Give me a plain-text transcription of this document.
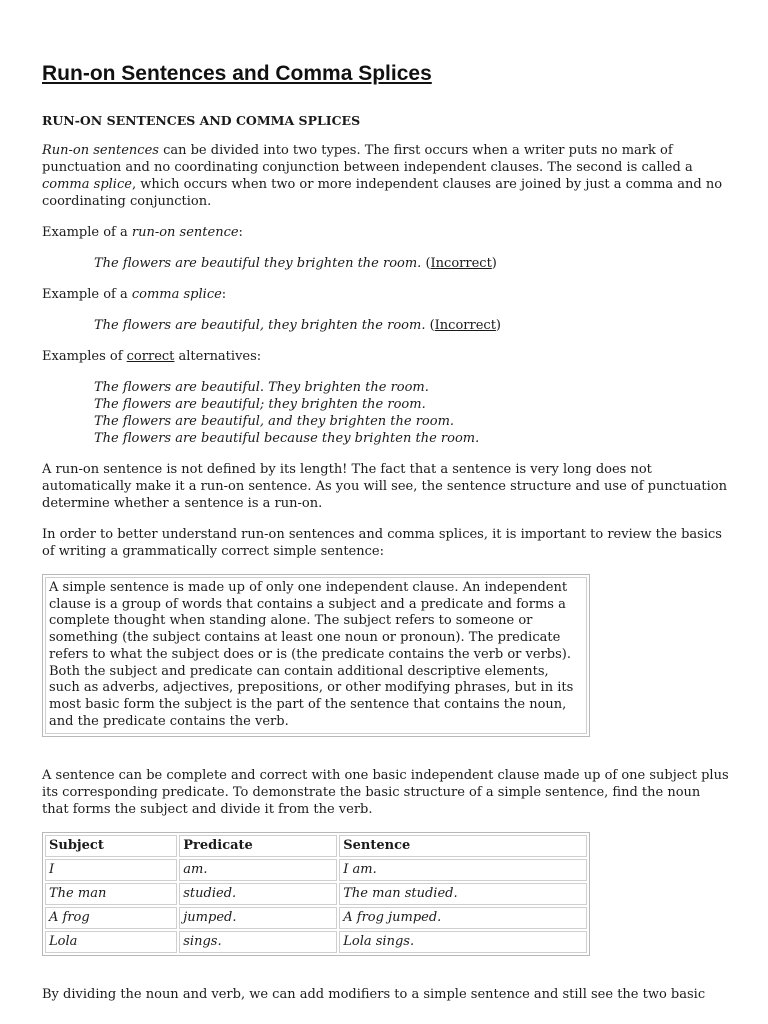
Run-on Sentences and Comma Splices
RUN-ON SENTENCES AND COMMA SPLICES

Run-on sentences can be divided into two types. The first occurs when a writer puts no mark of punctuation and no coordinating conjunction between independent clauses. The second is called a comma splice, which occurs when two or more independent clauses are joined by just a comma and no coordinating conjunction.

Example of a run-on sentence:

The flowers are beautiful they brighten the room. (Incorrect)

Example of a comma splice:

The flowers are beautiful, they brighten the room. (Incorrect)

Examples of correct alternatives:

The flowers are beautiful. They brighten the room.
The flowers are beautiful; they brighten the room.
The flowers are beautiful, and they brighten the room.
The flowers are beautiful because they brighten the room.

A run-on sentence is not defined by its length! The fact that a sentence is very long does not automatically make it a run-on sentence. As you will see, the sentence structure and use of punctuation determine whether a sentence is a run-on.

In order to better understand run-on sentences and comma splices, it is important to review the basics of writing a grammatically correct simple sentence:

A simple sentence is made up of only one independent clause. An independent clause is a group of words that contains a subject and a predicate and forms a complete thought when standing alone. The subject refers to someone or something (the subject contains at least one noun or pronoun). The predicate refers to what the subject does or is (the predicate contains the verb or verbs). Both the subject and predicate can contain additional descriptive elements, such as adverbs, adjectives, prepositions, or other modifying phrases, but in its most basic form the subject is the part of the sentence that contains the noun, and the predicate contains the verb.

A sentence can be complete and correct with one basic independent clause made up of one subject plus its corresponding predicate. To demonstrate the basic structure of a simple sentence, find the noun that forms the subject and divide it from the verb.

Subject	Predicate	Sentence
I	am.	I am.
The man	studied.	The man studied.
A frog	jumped.	A frog jumped.
Lola	sings.	Lola sings.

By dividing the noun and verb, we can add modifiers to a simple sentence and still see the two basic
